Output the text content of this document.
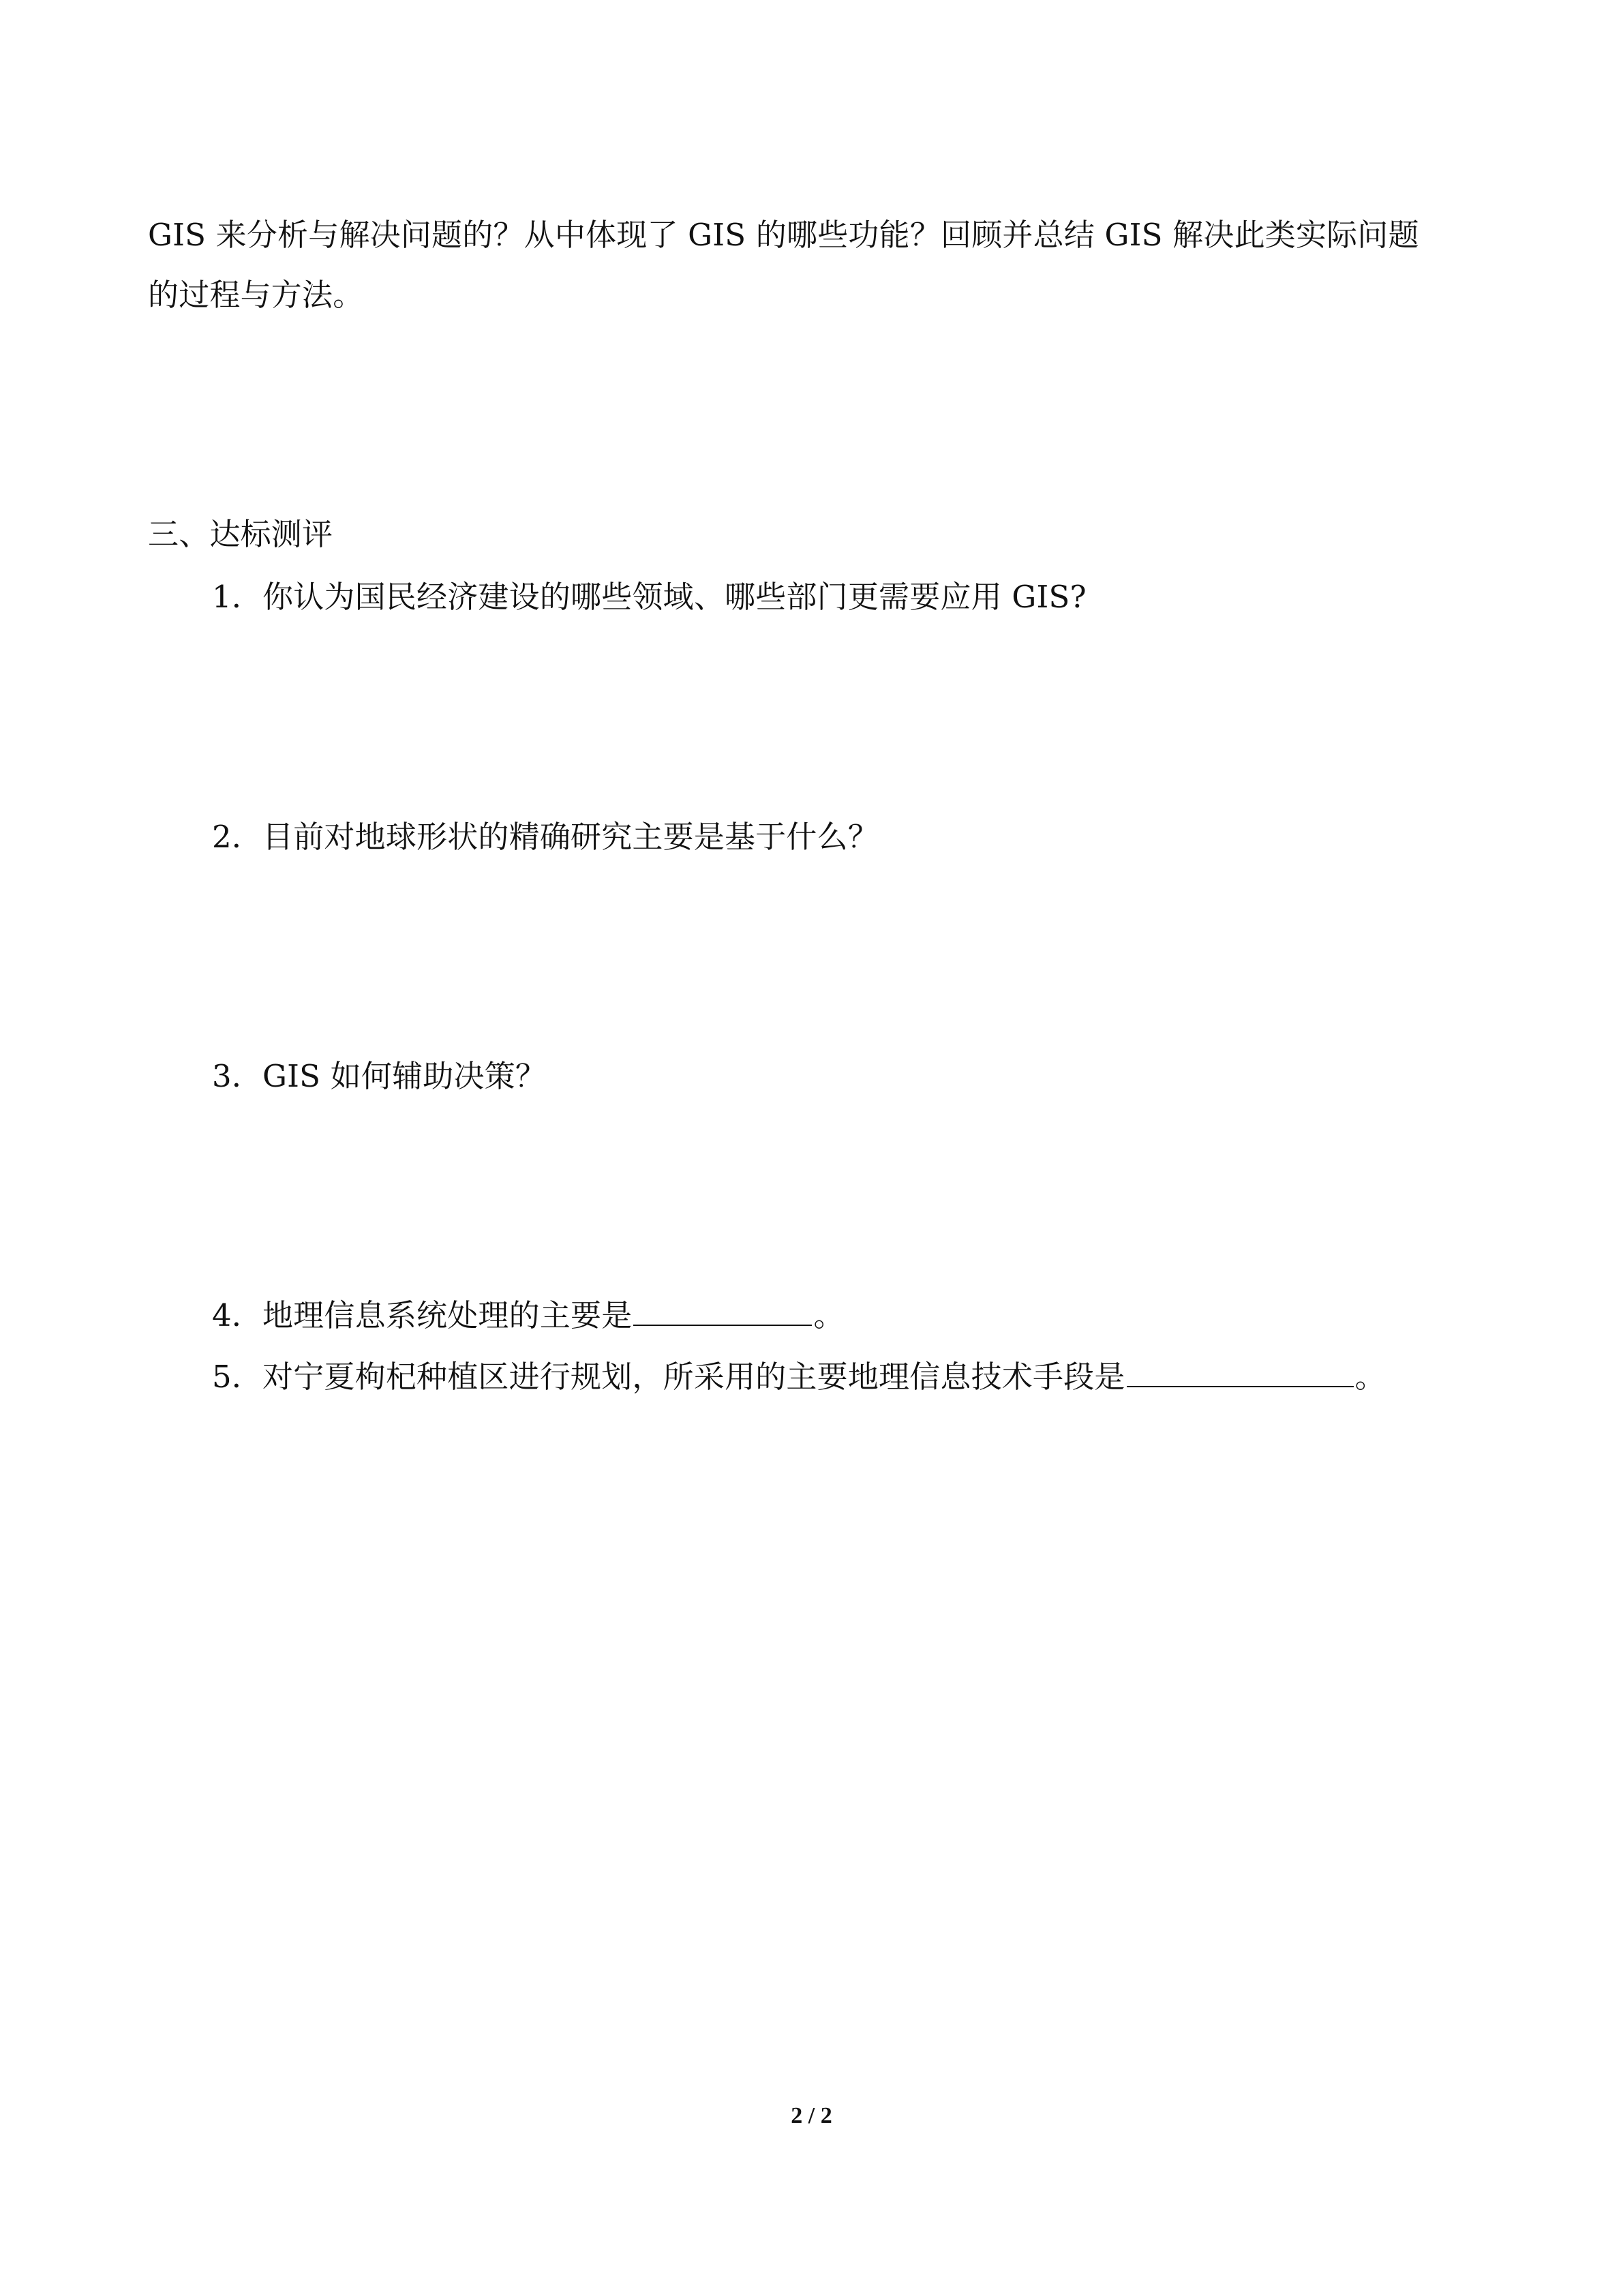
GIS 来分析与解决问题的？从中体现了 GIS 的哪些功能？回顾并总结 GIS 解决此类实际问题
的过程与方法。
三、达标测评
1．你认为国民经济建设的哪些领域、哪些部门更需要应用 GIS?
2．目前对地球形状的精确研究主要是基于什么？
3．GIS 如何辅助决策？
4．地理信息系统处理的主要是	。
5．对宁夏枸杞种植区进行规划，所采用的主要地理信息技术手段是	。
2 / 2
